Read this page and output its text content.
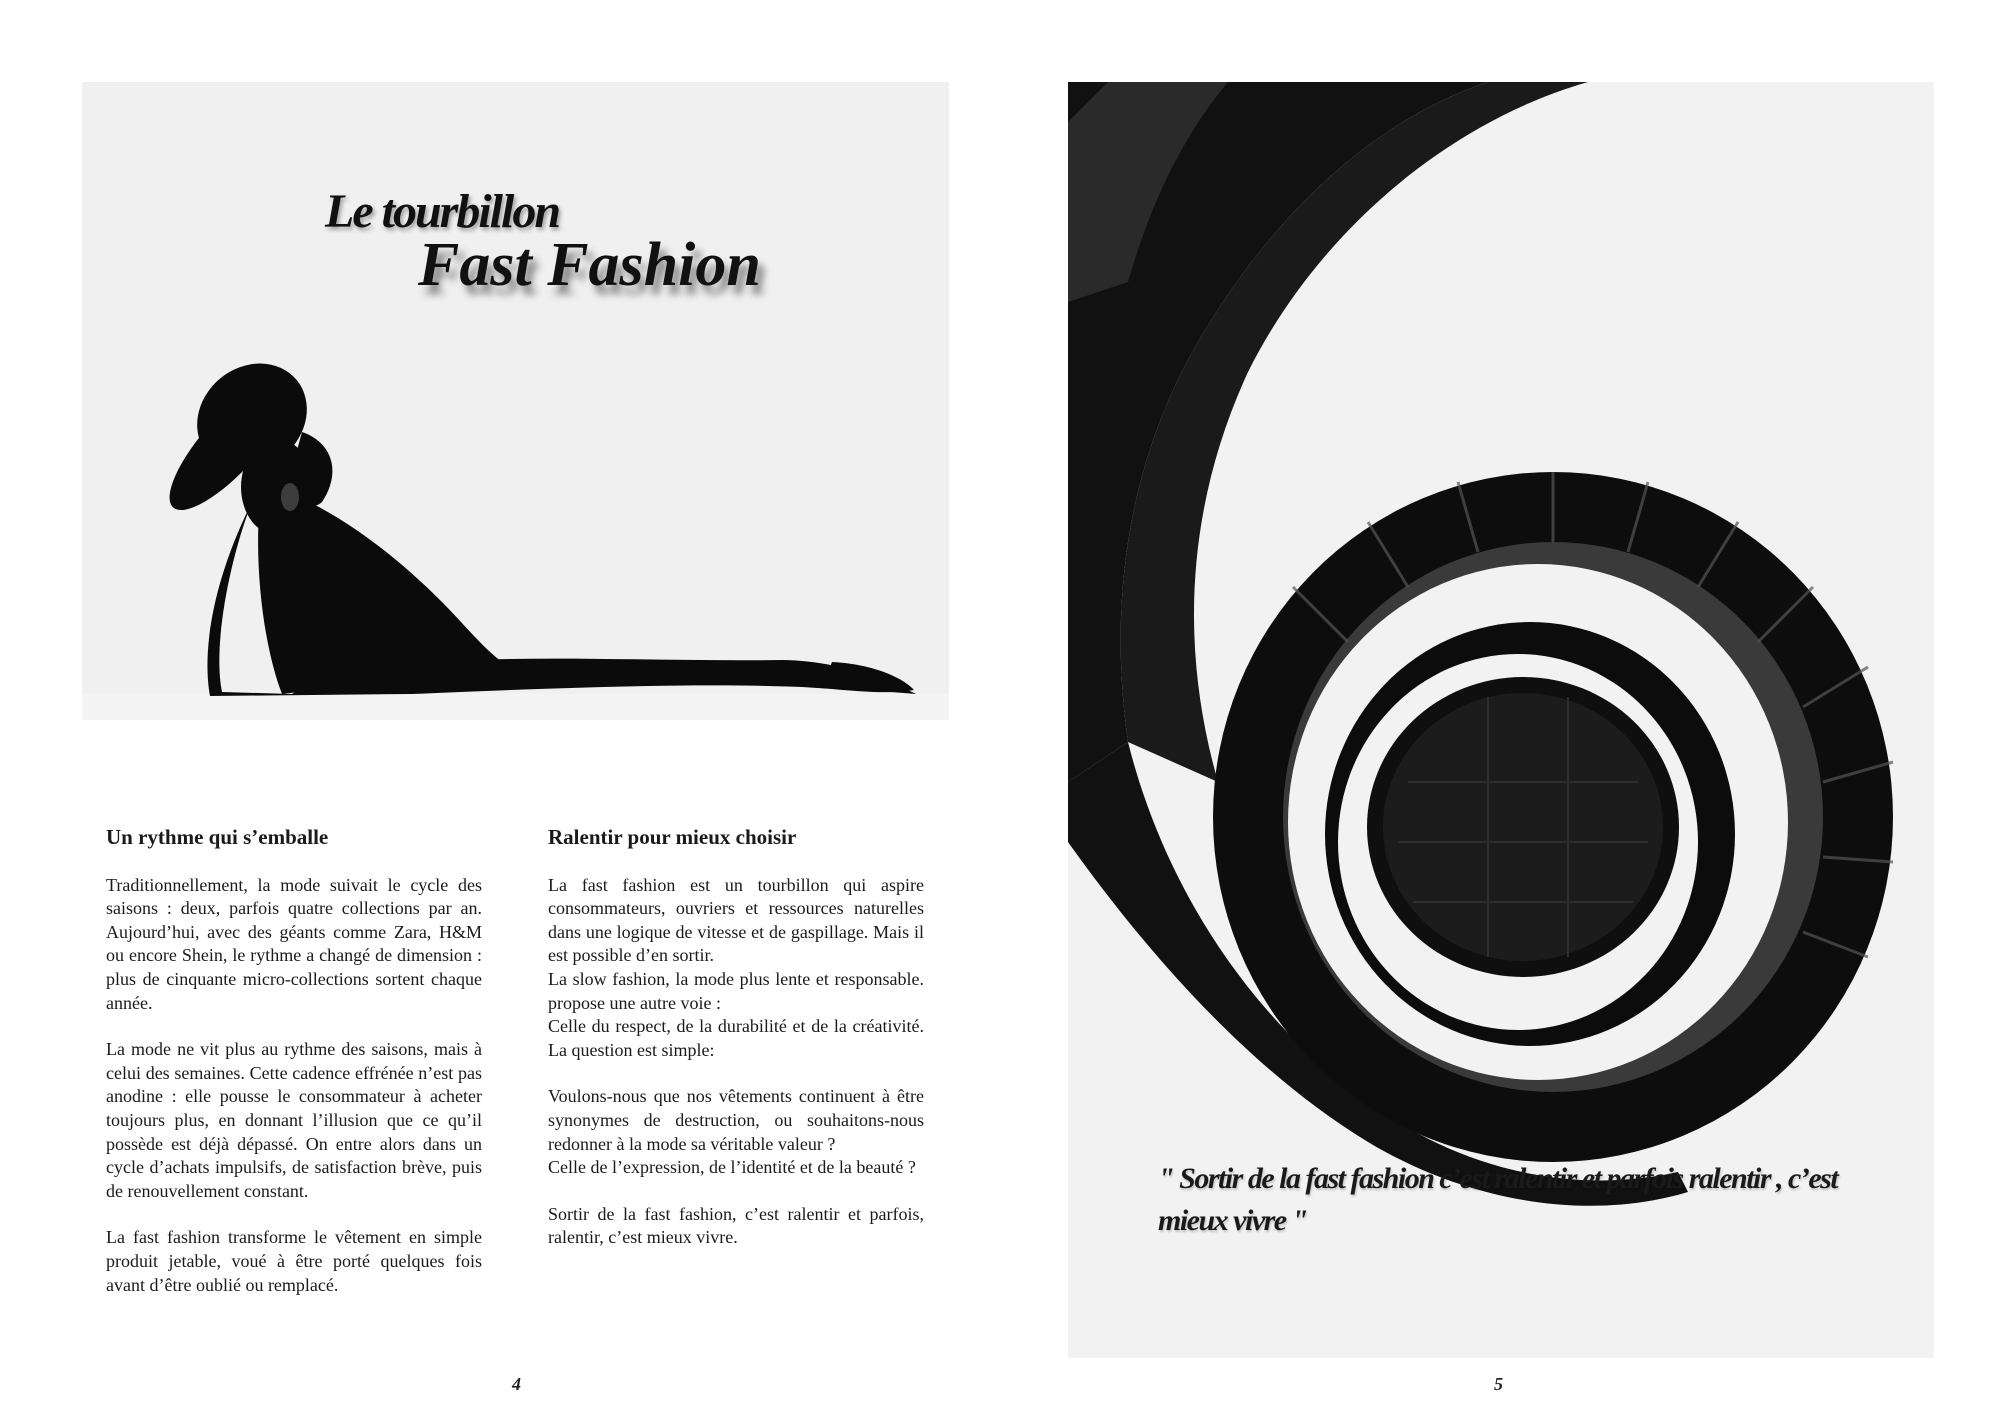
Le tourbillon
Fast Fashion
Un rythme qui s’emballe

Traditionnellement, la mode suivait le cycle des saisons : deux, parfois quatre collections par an. Aujourd’hui, avec des géants comme Zara, H&M ou encore Shein, le rythme a changé de dimension : plus de cinquante micro-collections sortent chaque année.

La mode ne vit plus au rythme des saisons, mais à celui des semaines. Cette cadence effrénée n’est pas anodine : elle pousse le consommateur à acheter toujours plus, en donnant l’illusion que ce qu’il possède est déjà dépassé. On entre alors dans un cycle d’achats impulsifs, de satisfaction brève, puis de renouvellement constant.

La fast fashion transforme le vêtement en simple produit jetable, voué à être porté quelques fois avant d’être oublié ou remplacé.

Ralentir pour mieux choisir

La fast fashion est un tourbillon qui aspire consommateurs, ouvriers et ressources naturelles dans une logique de vitesse et de gaspillage. Mais il est possible d’en sortir.

La slow fashion, la mode plus lente et responsable. propose une autre voie :

Celle du respect, de la durabilité et de la créativité. La question est simple:

Voulons-nous que nos vêtements continuent à être synonymes de destruction, ou souhaitons-nous redonner à la mode sa véritable valeur ?

Celle de l’expression, de l’identité et de la beauté ?

Sortir de la fast fashion, c’est ralentir et parfois, ralentir, c’est mieux vivre.

4
" Sortir de la fast fashion c’est ralentir et parfois ralentir , c’est mieux vivre "
5
